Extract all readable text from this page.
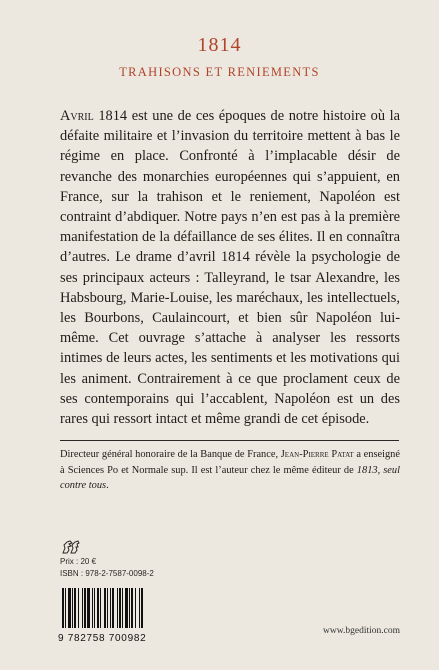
1814
TRAHISONS ET RENIEMENTS
Avril 1814 est une de ces époques de notre histoire où la défaite militaire et l’invasion du territoire mettent à bas le régime en place. Confronté à l’implacable désir de revanche des monarchies européennes qui s’appuient, en France, sur la trahison et le reniement, Napoléon est contraint d’abdiquer. Notre pays n’en est pas à la première manifestation de la défaillance de ses élites. Il en connaîtra d’autres. Le drame d’avril 1814 révèle la psychologie de ses principaux acteurs : Talleyrand, le tsar Alexandre, les Habsbourg, Marie-Louise, les maréchaux, les intellectuels, les Bourbons, Caulaincourt, et bien sûr Napoléon lui-même. Cet ouvrage s’attache à analyser les ressorts intimes de leurs actes, les sentiments et les motivations qui les animent. Contrairement à ce que proclament ceux de ses contemporains qui l’accablent, Napoléon est un des rares qui ressort intact et même grandi de cet épisode.
Directeur général honoraire de la Banque de France, Jean-Pierre Patat a enseigné à Sciences Po et Normale sup. Il est l’auteur chez le même éditeur de 1813, seul contre tous.
Prix : 20 €
ISBN : 978-2-7587-0098-2
9 782758 700982
www.bgedition.com
